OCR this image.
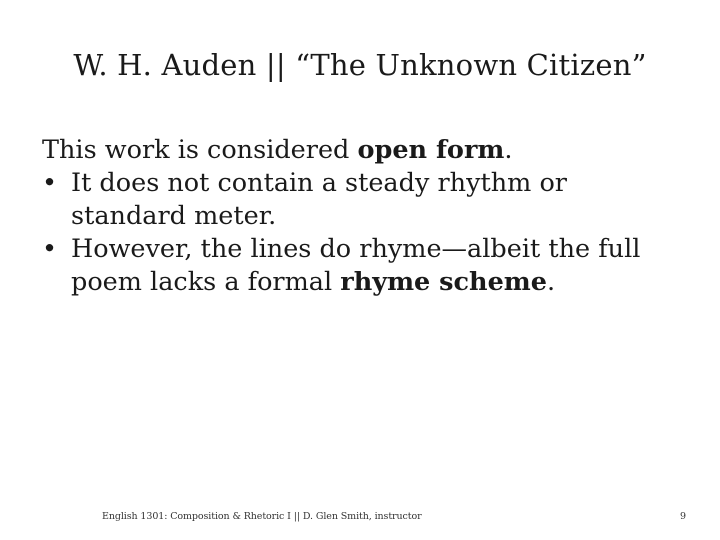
W. H. Auden || “The Unknown Citizen”
This work is considered open form.
• It does not contain a steady rhythm or standard meter.
• However, the lines do rhyme—albeit the full poem lacks a formal rhyme scheme.
English 1301: Composition & Rhetoric I || D. Glen Smith, instructor	9
